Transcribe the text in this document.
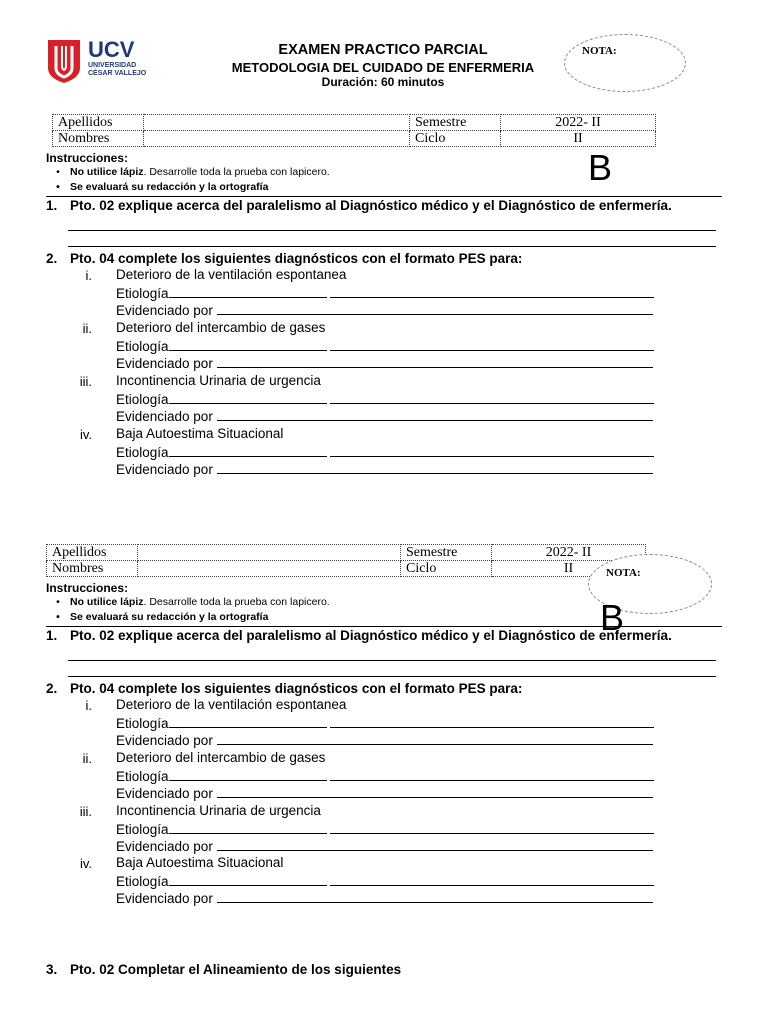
UCV
UNIVERSIDAD
CÉSAR VALLEJO
EXAMEN PRACTICO PARCIAL
METODOLOGIA DEL CUIDADO DE ENFERMERIA
Duración: 60 minutos
NOTA:
Apellidos		Semestre	2022- II
Nombres		Ciclo	II
Instrucciones:
• No utilice lápiz. Desarrolle toda la prueba con lapicero.
• Se evaluará su redacción y la ortografía	B
1. Pto. 02 explique acerca del paralelismo al Diagnóstico médico y el Diagnóstico de enfermería.
2. Pto. 04 complete los siguientes diagnósticos con el formato PES para:
i. Deterioro de la ventilación espontanea
Etiología
Evidenciado por
ii. Deterioro del intercambio de gases
Etiología
Evidenciado por
iii. Incontinencia Urinaria de urgencia
Etiología
Evidenciado por
iv. Baja Autoestima Situacional
Etiología
Evidenciado por
Apellidos		Semestre	2022- II
Nombres		Ciclo	II	NOTA:
Instrucciones:
• No utilice lápiz. Desarrolle toda la prueba con lapicero.
• Se evaluará su redacción y la ortografía	B
1. Pto. 02 explique acerca del paralelismo al Diagnóstico médico y el Diagnóstico de enfermería.
2. Pto. 04 complete los siguientes diagnósticos con el formato PES para:
i. Deterioro de la ventilación espontanea
Etiología
Evidenciado por
ii. Deterioro del intercambio de gases
Etiología
Evidenciado por
iii. Incontinencia Urinaria de urgencia
Etiología
Evidenciado por
iv. Baja Autoestima Situacional
Etiología
Evidenciado por
3. Pto. 02 Completar el Alineamiento de los siguientes
